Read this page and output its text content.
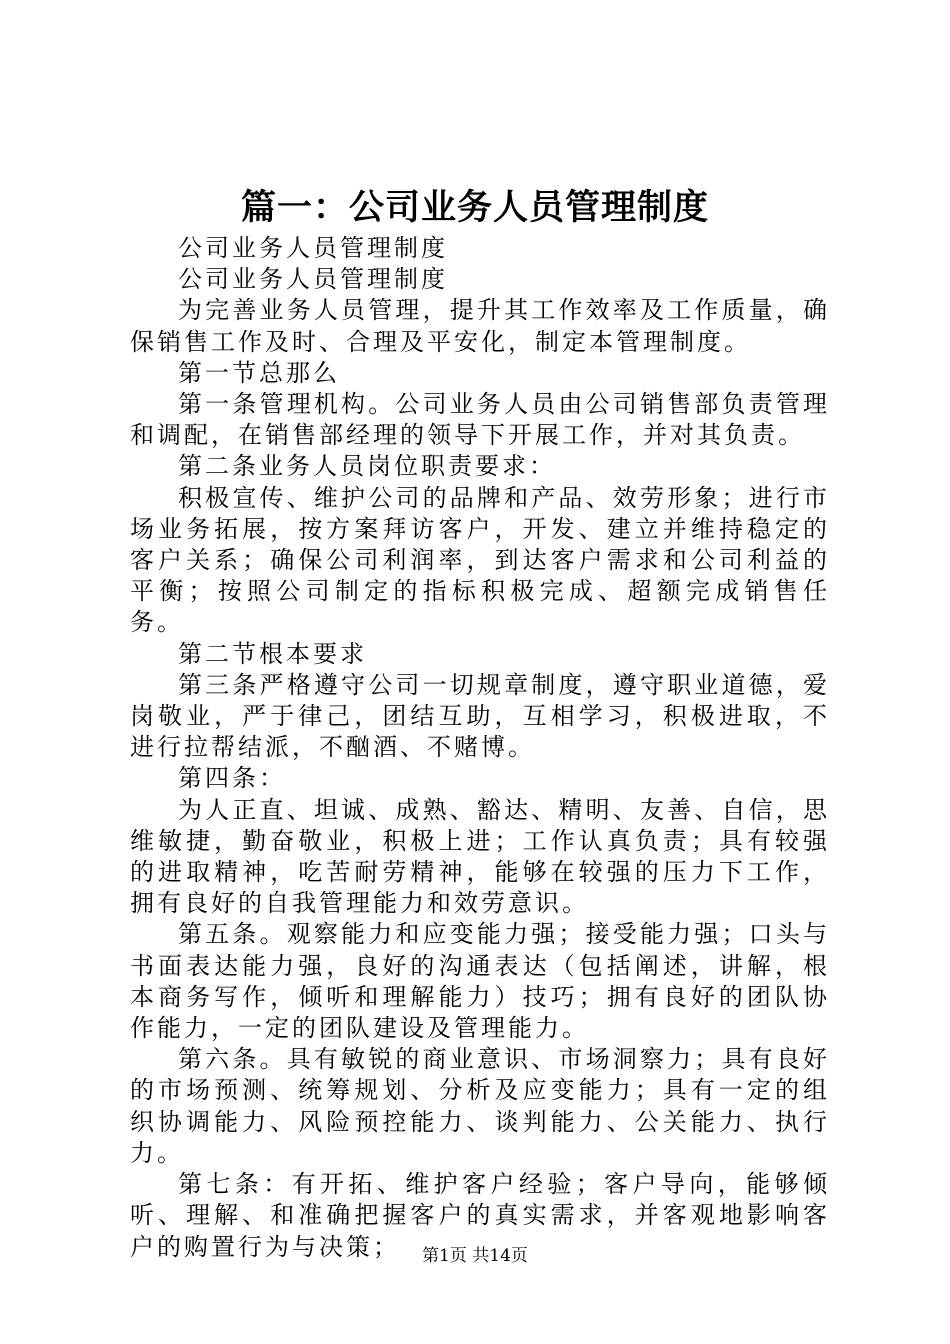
篇一：公司业务人员管理制度

公司业务人员管理制度

公司业务人员管理制度

为完善业务人员管理，提升其工作效率及工作质量，确保销售工作及时、合理及平安化，制定本管理制度。

第一节总那么

第一条管理机构。公司业务人员由公司销售部负责管理和调配，在销售部经理的领导下开展工作，并对其负责。

第二条业务人员岗位职责要求：

积极宣传、维护公司的品牌和产品、效劳形象；进行市场业务拓展，按方案拜访客户，开发、建立并维持稳定的客户关系；确保公司利润率，到达客户需求和公司利益的平衡；按照公司制定的指标积极完成、超额完成销售任务。

第二节根本要求

第三条严格遵守公司一切规章制度，遵守职业道德，爱岗敬业，严于律己，团结互助，互相学习，积极进取，不进行拉帮结派，不酗酒、不赌博。

第四条：

为人正直、坦诚、成熟、豁达、精明、友善、自信，思维敏捷，勤奋敬业，积极上进；工作认真负责；具有较强的进取精神，吃苦耐劳精神，能够在较强的压力下工作，拥有良好的自我管理能力和效劳意识。

第五条。观察能力和应变能力强；接受能力强；口头与书面表达能力强，良好的沟通表达（包括阐述，讲解，根本商务写作，倾听和理解能力）技巧；拥有良好的团队协作能力，一定的团队建设及管理能力。

第六条。具有敏锐的商业意识、市场洞察力；具有良好的市场预测、统筹规划、分析及应变能力；具有一定的组织协调能力、风险预控能力、谈判能力、公关能力、执行力。

第七条：有开拓、维护客户经验；客户导向，能够倾听、理解、和准确把握客户的真实需求，并客观地影响客户的购置行为与决策；	第1页 共14页
